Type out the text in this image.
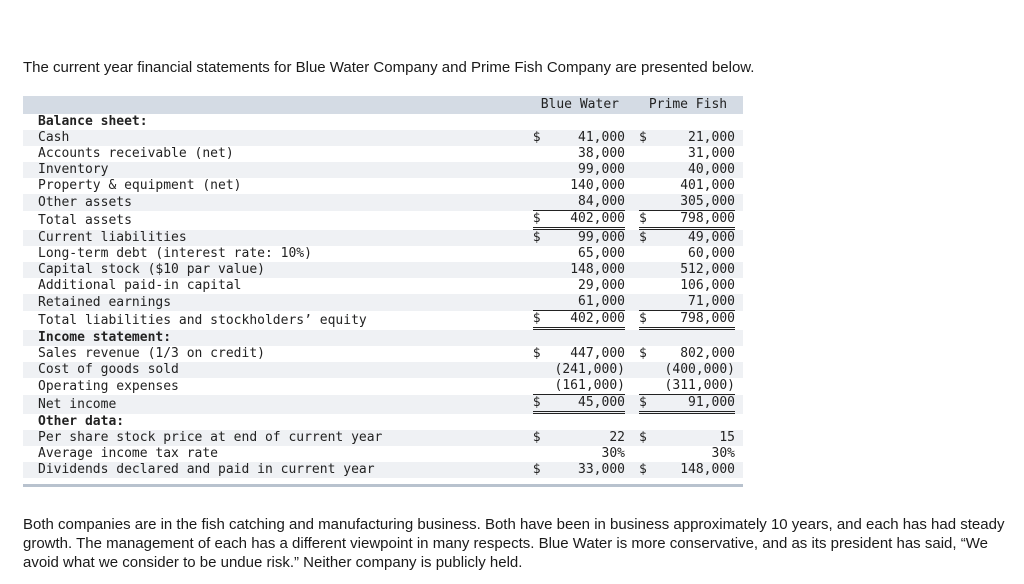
The current year financial statements for Blue Water Company and Prime Fish Company are presented below.
	Blue Water	Prime Fish
Balance sheet:		
Cash	$ 41,000	$ 21,000

Accounts receivable (net)	38,000	31,000

Inventory	99,000	40,000

Property & equipment (net)	140,000	401,000

Other assets	84,000	305,000

Total assets	$ 402,000	$ 798,000

Current liabilities	$ 99,000	$ 49,000

Long-term debt (interest rate: 10%)	65,000	60,000

Capital stock ($10 par value)	148,000	512,000

Additional paid-in capital	29,000	106,000

Retained earnings	61,000	71,000

Total liabilities and stockholders’ equity	$ 402,000	$ 798,000

Income statement:		
Sales revenue (1/3 on credit)	$ 447,000	$ 802,000

Cost of goods sold	(241,000)	(400,000)

Operating expenses	(161,000)	(311,000)

Net income	$ 45,000	$ 91,000

Other data:		
Per share stock price at end of current year	$ 22	$ 15

Average income tax rate	30%	30%

Dividends declared and paid in current year	$ 33,000	$ 148,000
Both companies are in the fish catching and manufacturing business. Both have been in business approximately 10 years, and each has had steady growth. The management of each has a different viewpoint in many respects. Blue Water is more conservative, and as its president has said, “We avoid what we consider to be undue risk.” Neither company is publicly held.
